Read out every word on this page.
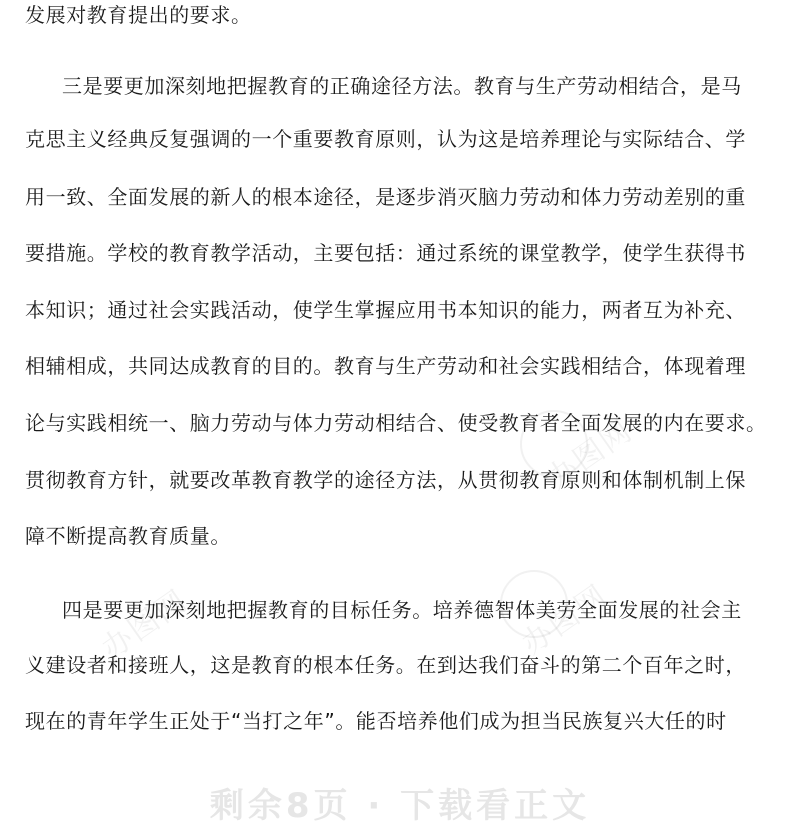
办图网
办图网
办图网
发展对教育提出的要求。
三是要更加深刻地把握教育的正确途径方法。教育与生产劳动相结合，是马
克思主义经典反复强调的一个重要教育原则，认为这是培养理论与实际结合、学
用一致、全面发展的新人的根本途径，是逐步消灭脑力劳动和体力劳动差别的重
要措施。学校的教育教学活动，主要包括：通过系统的课堂教学，使学生获得书
本知识；通过社会实践活动，使学生掌握应用书本知识的能力，两者互为补充、
相辅相成，共同达成教育的目的。教育与生产劳动和社会实践相结合，体现着理
论与实践相统一、脑力劳动与体力劳动相结合、使受教育者全面发展的内在要求。
贯彻教育方针，就要改革教育教学的途径方法，从贯彻教育原则和体制机制上保
障不断提高教育质量。
四是要更加深刻地把握教育的目标任务。培养德智体美劳全面发展的社会主
义建设者和接班人，这是教育的根本任务。在到达我们奋斗的第二个百年之时，
现在的青年学生正处于“当打之年”。能否培养他们成为担当民族复兴大任的时
剩余8页 · 下载看正文
